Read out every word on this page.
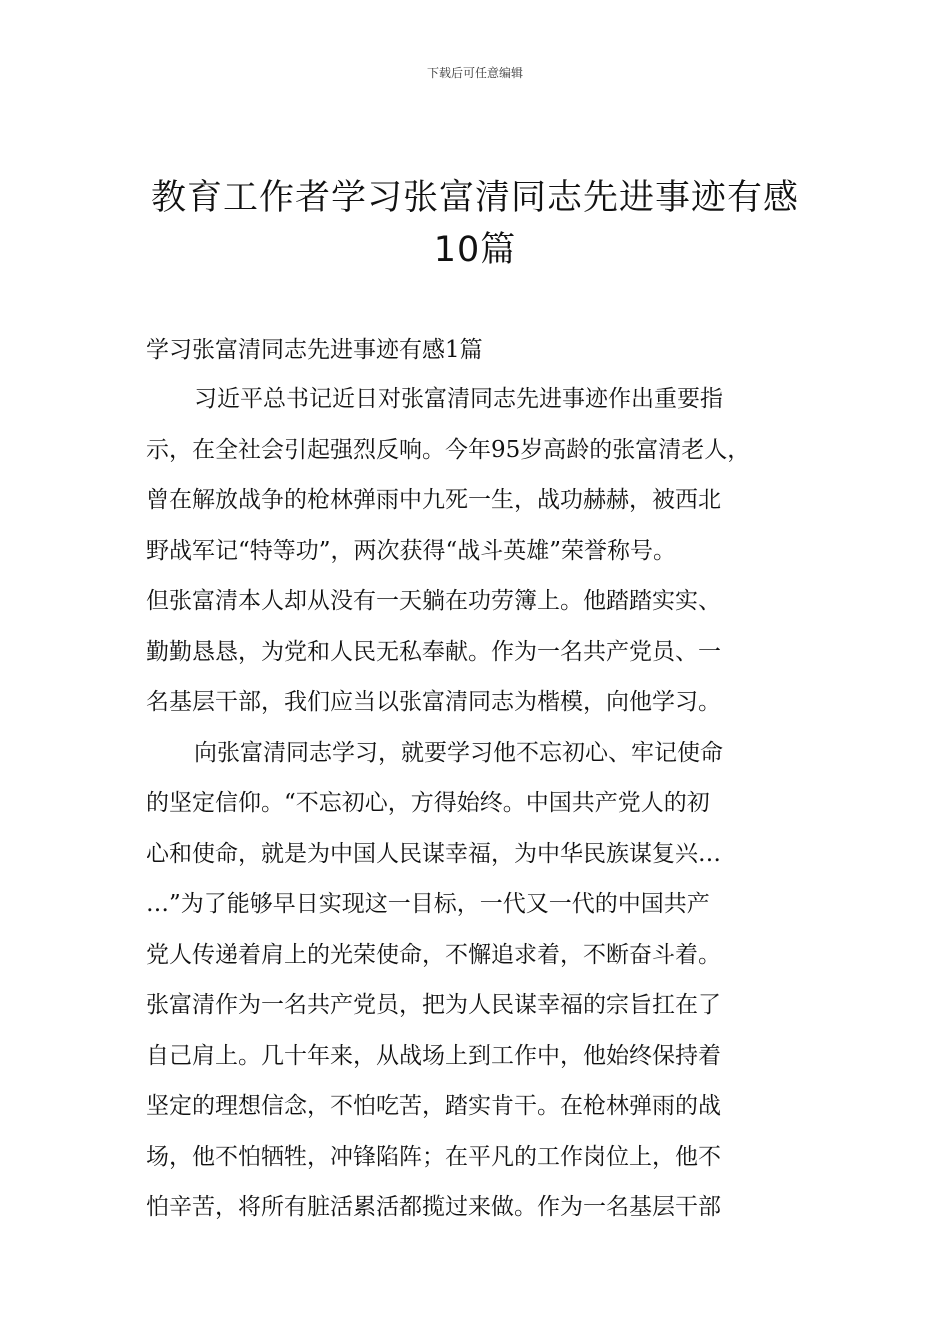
下载后可任意编辑
教育工作者学习张富清同志先进事迹有感
10篇
学习张富清同志先进事迹有感1篇

习近平总书记近日对张富清同志先进事迹作出重要指
示，在全社会引起强烈反响。今年95岁高龄的张富清老人，
曾在解放战争的枪林弹雨中九死一生，战功赫赫，被西北
野战军记“特等功”，两次获得“战斗英雄”荣誉称号。
但张富清本人却从没有一天躺在功劳簿上。他踏踏实实、
勤勤恳恳，为党和人民无私奉献。作为一名共产党员、一
名基层干部，我们应当以张富清同志为楷模，向他学习。

向张富清同志学习，就要学习他不忘初心、牢记使命
的坚定信仰。“不忘初心，方得始终。中国共产党人的初
心和使命，就是为中国人民谋幸福，为中华民族谋复兴…
…”为了能够早日实现这一目标，一代又一代的中国共产
党人传递着肩上的光荣使命，不懈追求着，不断奋斗着。
张富清作为一名共产党员，把为人民谋幸福的宗旨扛在了
自己肩上。几十年来，从战场上到工作中，他始终保持着
坚定的理想信念，不怕吃苦，踏实肯干。在枪林弹雨的战
场，他不怕牺牲，冲锋陷阵；在平凡的工作岗位上，他不
怕辛苦，将所有脏活累活都揽过来做。作为一名基层干部
